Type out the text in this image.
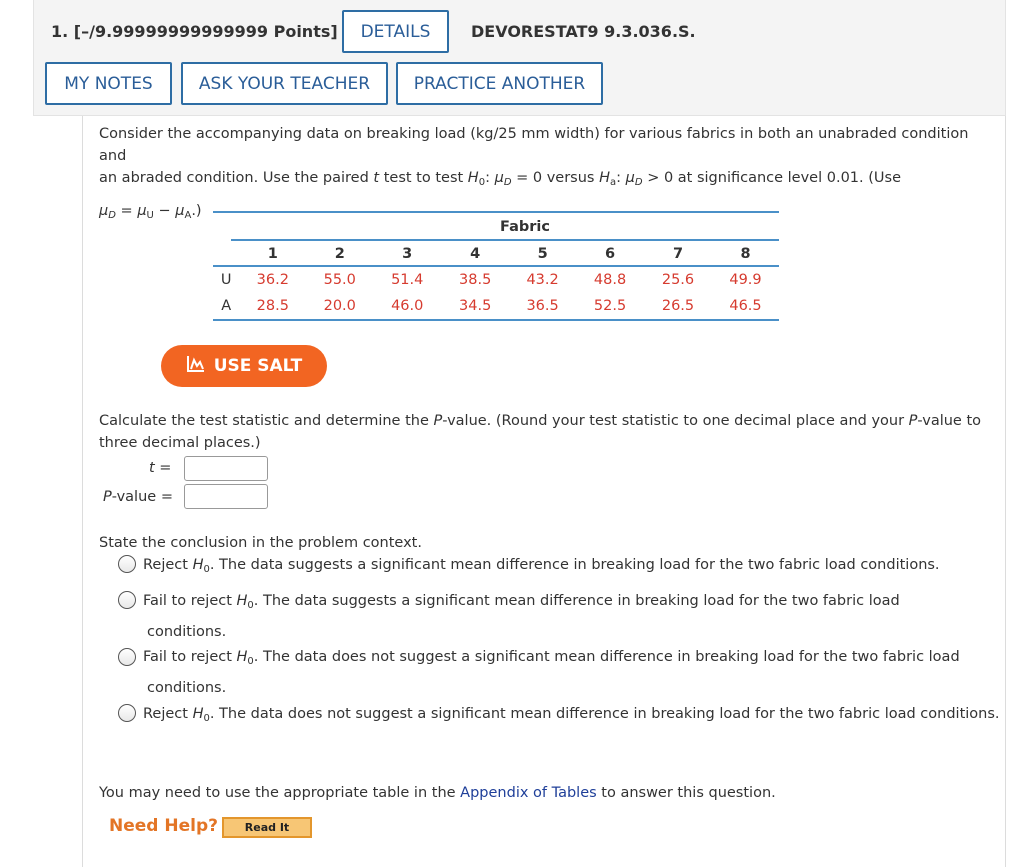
1. [–/9.99999999999999 Points]	DETAILS	DEVORESTAT9 9.3.036.S.
MY NOTES	ASK YOUR TEACHER	PRACTICE ANOTHER
Consider the accompanying data on breaking load (kg/25 mm width) for various fabrics in both an unabraded condition and
an abraded condition. Use the paired t test to test $H_0$: $\mu_D = 0$ versus $H_a$: $\mu_D > 0$ at significance level 0.01. (Use
$\mu_D = \mu_U - \mu_A$.)
Fabric
	1	2	3	4	5	6	7	8
U	36.2	55.0	51.4	38.5	43.2	48.8	25.6	49.9
A	28.5	20.0	46.0	34.5	36.5	52.5	26.5	46.5
USE SALT
Calculate the test statistic and determine the P-value. (Round your test statistic to one decimal place and your P-value to
three decimal places.)
t =
P-value =
State the conclusion in the problem context.
Reject $H_0$. The data suggests a significant mean difference in breaking load for the two fabric load conditions.
Fail to reject $H_0$. The data suggests a significant mean difference in breaking load for the two fabric load
conditions.
Fail to reject $H_0$. The data does not suggest a significant mean difference in breaking load for the two fabric load
conditions.
Reject $H_0$. The data does not suggest a significant mean difference in breaking load for the two fabric load conditions.
You may need to use the appropriate table in the Appendix of Tables to answer this question.
Need Help?	Read It
